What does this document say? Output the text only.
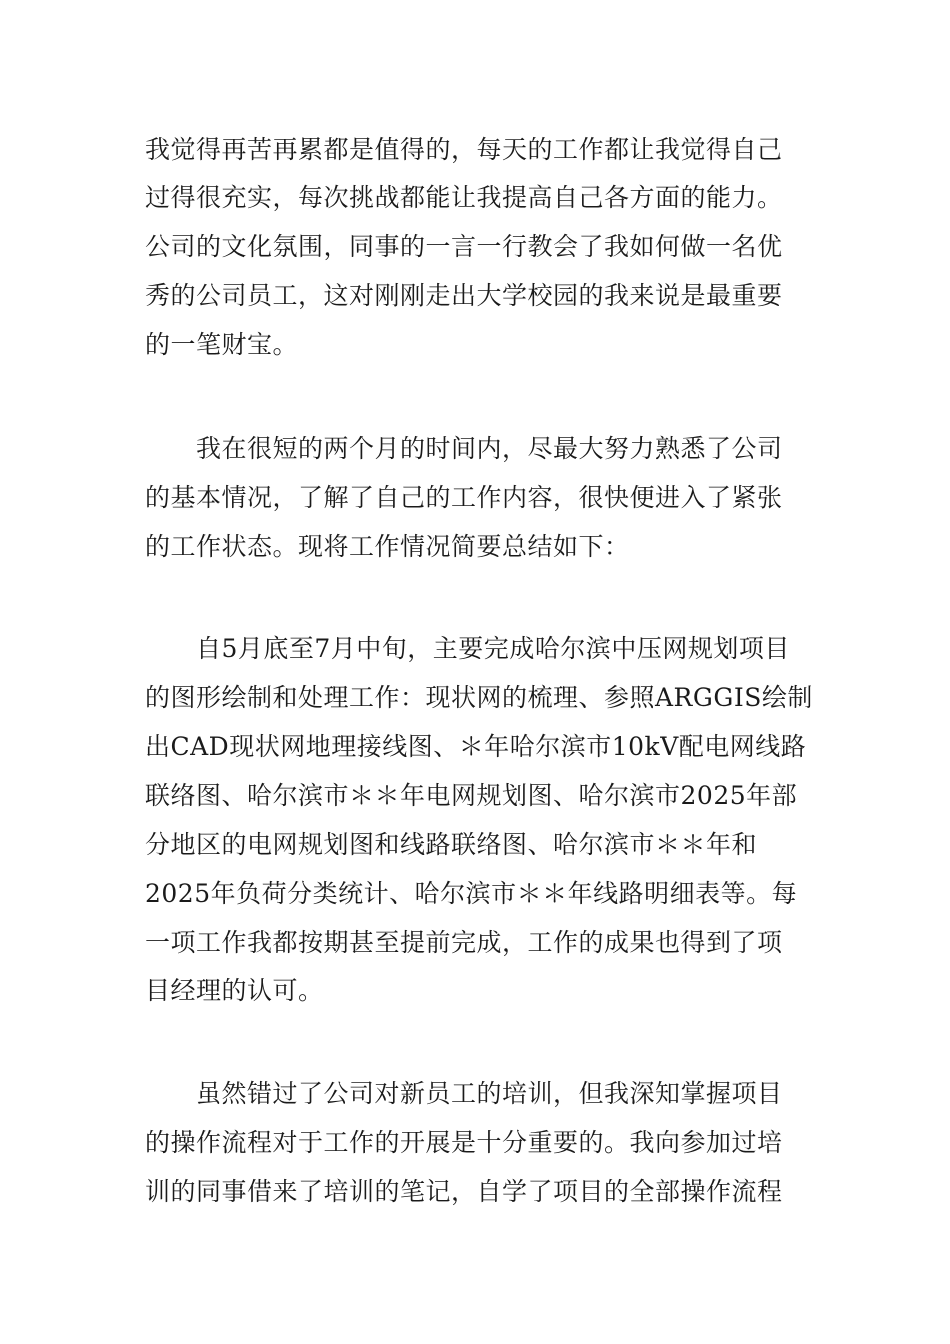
我觉得再苦再累都是值得的，每天的工作都让我觉得自己
过得很充实，每次挑战都能让我提高自己各方面的能力。
公司的文化氛围，同事的一言一行教会了我如何做一名优
秀的公司员工，这对刚刚走出大学校园的我来说是最重要
的一笔财宝。
我在很短的两个月的时间内，尽最大努力熟悉了公司
的基本情况，了解了自己的工作内容，很快便进入了紧张
的工作状态。现将工作情况简要总结如下：
自5月底至7月中旬，主要完成哈尔滨中压网规划项目
的图形绘制和处理工作：现状网的梳理、参照ARGGIS绘制
出CAD现状网地理接线图、＊年哈尔滨市10kV配电网线路
联络图、哈尔滨市＊＊年电网规划图、哈尔滨市2025年部
分地区的电网规划图和线路联络图、哈尔滨市＊＊年和
2025年负荷分类统计、哈尔滨市＊＊年线路明细表等。每
一项工作我都按期甚至提前完成，工作的成果也得到了项
目经理的认可。
虽然错过了公司对新员工的培训，但我深知掌握项目
的操作流程对于工作的开展是十分重要的。我向参加过培
训的同事借来了培训的笔记，自学了项目的全部操作流程
